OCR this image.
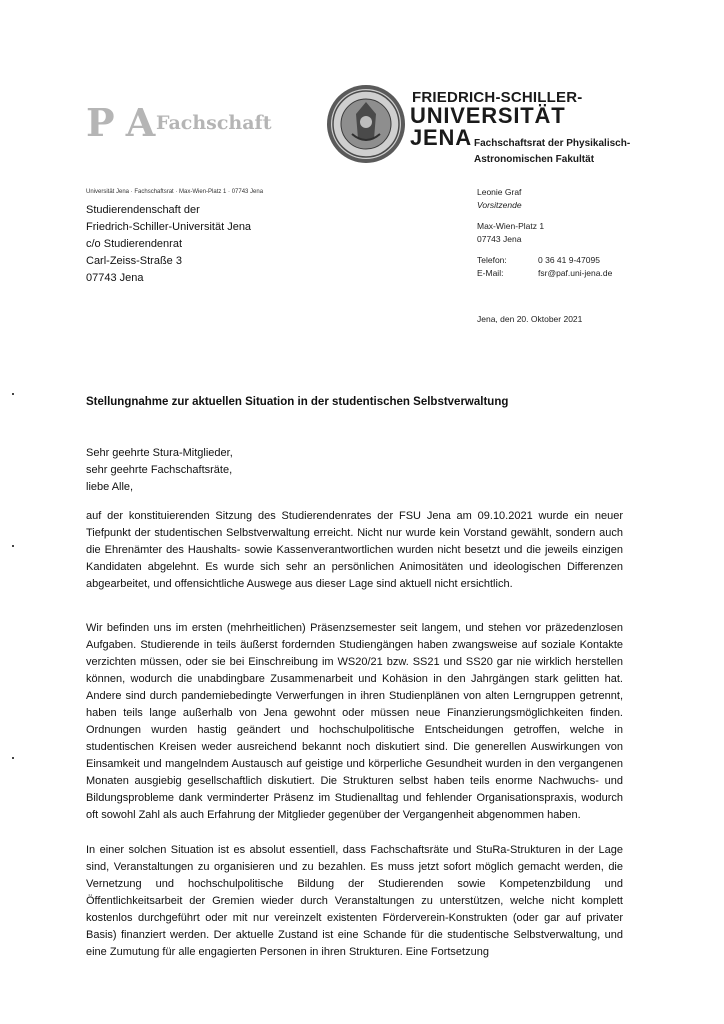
P A Fachschaft
FRIEDRICH-SCHILLER-
UNIVERSITÄT
JENA Fachschaftsrat der Physikalisch-
Astronomischen Fakultät
Universität Jena · Fachschaftsrat · Max-Wien-Platz 1 · 07743 Jena
Studierendenschaft der
Friedrich-Schiller-Universität Jena
c/o Studierendenrat
Carl-Zeiss-Straße 3
07743 Jena
Leonie Graf
Vorsitzende
Max-Wien-Platz 1
07743 Jena
Telefon:	0 36 41 9-47095
E-Mail:	fsr@paf.uni-jena.de
Jena, den 20. Oktober 2021
Stellungnahme zur aktuellen Situation in der studentischen Selbstverwaltung
Sehr geehrte Stura-Mitglieder,
sehr geehrte Fachschaftsräte,
liebe Alle,
auf der konstituierenden Sitzung des Studierendenrates der FSU Jena am 09.10.2021 wurde ein neuer Tiefpunkt der studentischen Selbstverwaltung erreicht. Nicht nur wurde kein Vorstand gewählt, sondern auch die Ehrenämter des Haushalts- sowie Kassenverantwortlichen wurden nicht besetzt und die jeweils einzigen Kandidaten abgelehnt. Es wurde sich sehr an persönlichen Animositäten und ideologischen Differenzen abgearbeitet, und offensichtliche Auswege aus dieser Lage sind aktuell nicht ersichtlich.
Wir befinden uns im ersten (mehrheitlichen) Präsenzsemester seit langem, und stehen vor präzedenzlosen Aufgaben. Studierende in teils äußerst fordernden Studiengängen haben zwangsweise auf soziale Kontakte verzichten müssen, oder sie bei Einschreibung im WS20/21 bzw. SS21 und SS20 gar nie wirklich herstellen können, wodurch die unabdingbare Zusammenarbeit und Kohäsion in den Jahrgängen stark gelitten hat. Andere sind durch pandemiebedingte Verwerfungen in ihren Studienplänen von alten Lerngruppen getrennt, haben teils lange außerhalb von Jena gewohnt oder müssen neue Finanzierungsmöglichkeiten finden. Ordnungen wurden hastig geändert und hochschulpolitische Entscheidungen getroffen, welche in studentischen Kreisen weder ausreichend bekannt noch diskutiert sind. Die generellen Auswirkungen von Einsamkeit und mangelndem Austausch auf geistige und körperliche Gesundheit wurden in den vergangenen Monaten ausgiebig gesellschaftlich diskutiert. Die Strukturen selbst haben teils enorme Nachwuchs- und Bildungsprobleme dank verminderter Präsenz im Studienalltag und fehlender Organisationspraxis, wodurch oft sowohl Zahl als auch Erfahrung der Mitglieder gegenüber der Vergangenheit abgenommen haben.
In einer solchen Situation ist es absolut essentiell, dass Fachschaftsräte und StuRa-Strukturen in der Lage sind, Veranstaltungen zu organisieren und zu bezahlen. Es muss jetzt sofort möglich gemacht werden, die Vernetzung und hochschulpolitische Bildung der Studierenden sowie Kompetenzbildung und Öffentlichkeitsarbeit der Gremien wieder durch Veranstaltungen zu unterstützen, welche nicht komplett kostenlos durchgeführt oder mit nur vereinzelt existenten Förderverein-Konstrukten (oder gar auf privater Basis) finanziert werden. Der aktuelle Zustand ist eine Schande für die studentische Selbstverwaltung, und eine Zumutung für alle engagierten Personen in ihren Strukturen. Eine Fortsetzung
